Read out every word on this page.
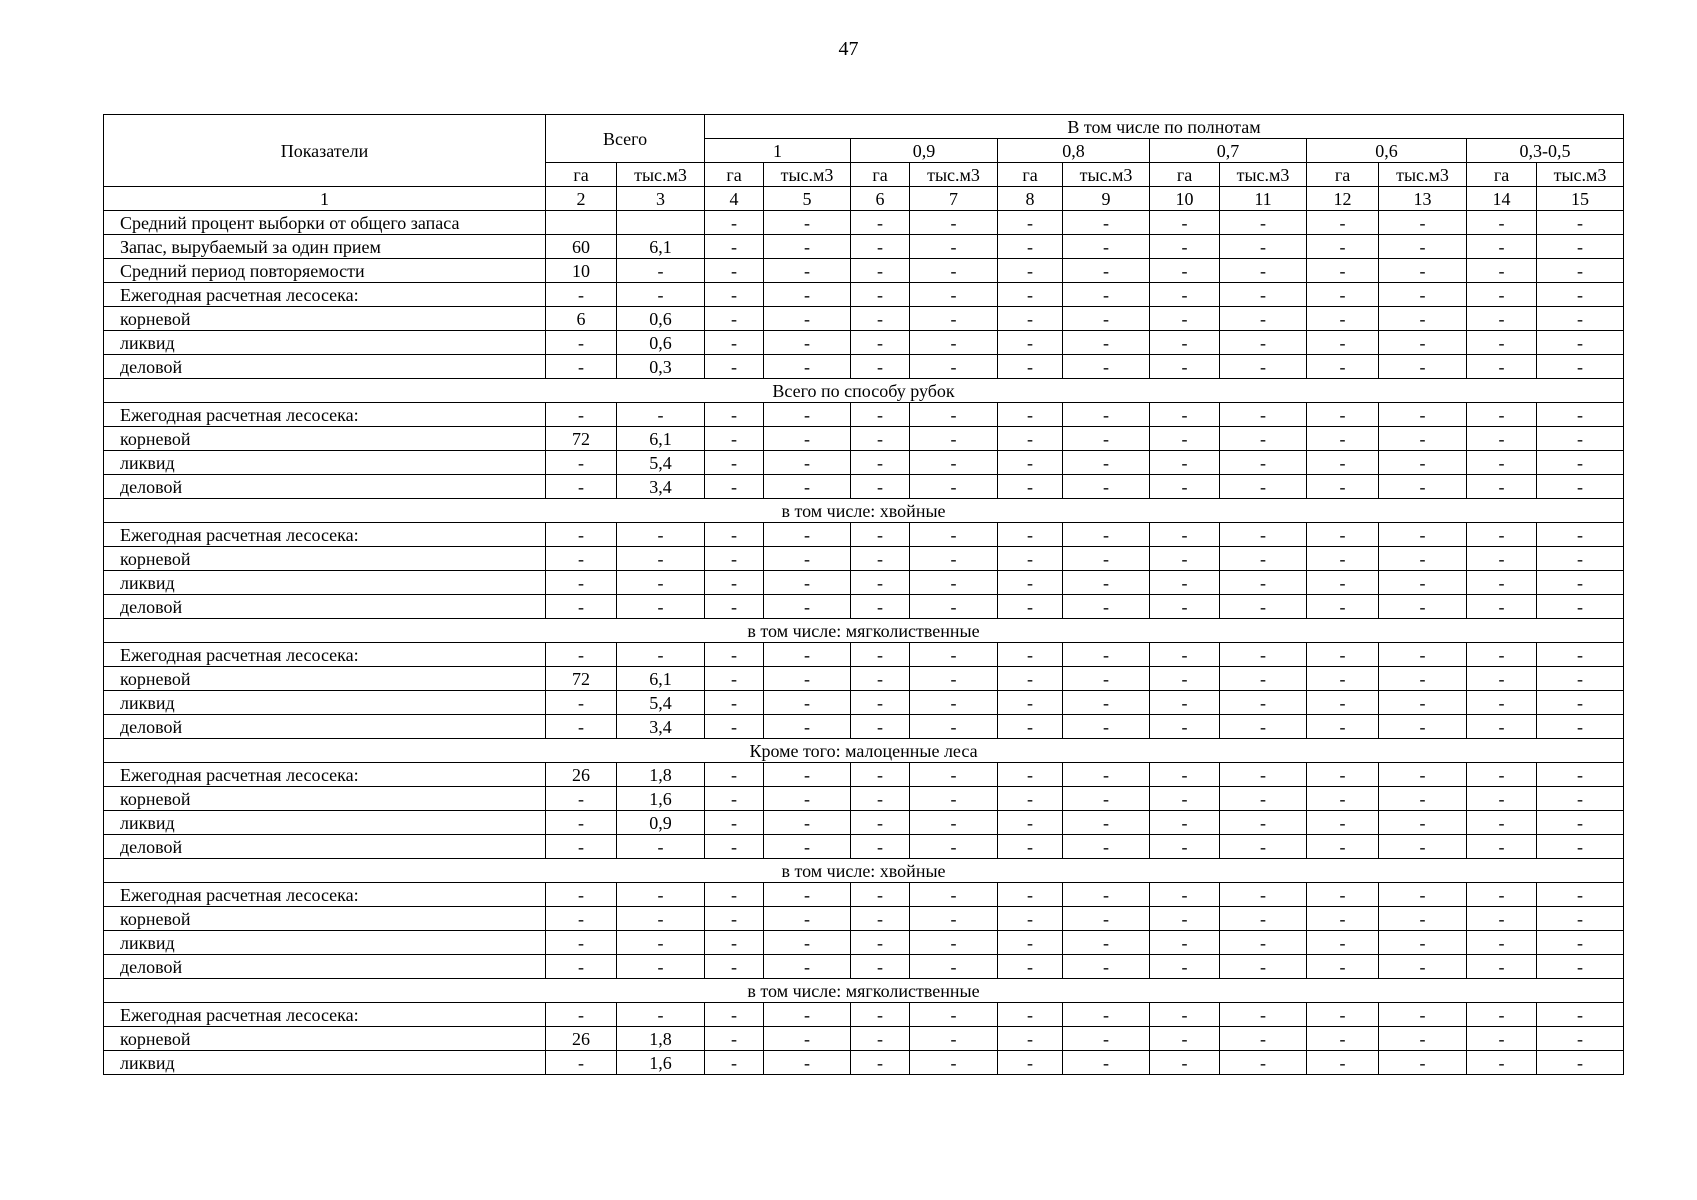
47
Показатели	Всего		В том числе по полнотам											
			1		0,9		0,8		0,7		0,6		0,3-0,5	
	га	тыс.м3	га	тыс.м3	га	тыс.м3	га	тыс.м3	га	тыс.м3	га	тыс.м3	га	тыс.м3
1	2	3	4	5	6	7	8	9	10	11	12	13	14	15
Средний процент выборки от общего запаса			-	-	-	-	-	-	-	-	-	-	-	-
Запас, вырубаемый за один прием	60	6,1	-	-	-	-	-	-	-	-	-	-	-	-
Средний период повторяемости	10	-	-	-	-	-	-	-	-	-	-	-	-	-
Ежегодная расчетная лесосека:	-	-	-	-	-	-	-	-	-	-	-	-	-	-
корневой	6	0,6	-	-	-	-	-	-	-	-	-	-	-	-
ликвид	-	0,6	-	-	-	-	-	-	-	-	-	-	-	-
деловой	-	0,3	-	-	-	-	-	-	-	-	-	-	-	-
Всего по способу рубок														
Ежегодная расчетная лесосека:	-	-	-	-	-	-	-	-	-	-	-	-	-	-
корневой	72	6,1	-	-	-	-	-	-	-	-	-	-	-	-
ликвид	-	5,4	-	-	-	-	-	-	-	-	-	-	-	-
деловой	-	3,4	-	-	-	-	-	-	-	-	-	-	-	-
в том числе: хвойные														
Ежегодная расчетная лесосека:	-	-	-	-	-	-	-	-	-	-	-	-	-	-
корневой	-	-	-	-	-	-	-	-	-	-	-	-	-	-
ликвид	-	-	-	-	-	-	-	-	-	-	-	-	-	-
деловой	-	-	-	-	-	-	-	-	-	-	-	-	-	-
в том числе: мягколиственные														
Ежегодная расчетная лесосека:	-	-	-	-	-	-	-	-	-	-	-	-	-	-
корневой	72	6,1	-	-	-	-	-	-	-	-	-	-	-	-
ликвид	-	5,4	-	-	-	-	-	-	-	-	-	-	-	-
деловой	-	3,4	-	-	-	-	-	-	-	-	-	-	-	-
Кроме того: малоценные леса														
Ежегодная расчетная лесосека:	26	1,8	-	-	-	-	-	-	-	-	-	-	-	-
корневой	-	1,6	-	-	-	-	-	-	-	-	-	-	-	-
ликвид	-	0,9	-	-	-	-	-	-	-	-	-	-	-	-
деловой	-	-	-	-	-	-	-	-	-	-	-	-	-	-
в том числе: хвойные														
Ежегодная расчетная лесосека:	-	-	-	-	-	-	-	-	-	-	-	-	-	-
корневой	-	-	-	-	-	-	-	-	-	-	-	-	-	-
ликвид	-	-	-	-	-	-	-	-	-	-	-	-	-	-
деловой	-	-	-	-	-	-	-	-	-	-	-	-	-	-
в том числе: мягколиственные														
Ежегодная расчетная лесосека:	-	-	-	-	-	-	-	-	-	-	-	-	-	-
корневой	26	1,8	-	-	-	-	-	-	-	-	-	-	-	-
ликвид	-	1,6	-	-	-	-	-	-	-	-	-	-	-	-
